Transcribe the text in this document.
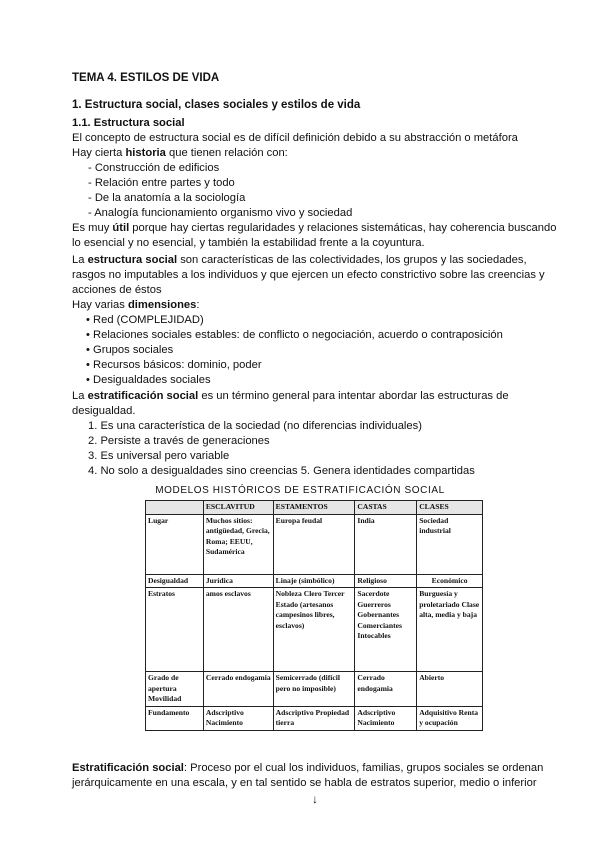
TEMA 4. ESTILOS DE VIDA
1. Estructura social, clases sociales y estilos de vida
1.1. Estructura social
El concepto de estructura social es de difícil definición debido a su abstracción o metáfora
Hay cierta historia que tienen relación con:
- Construcción de edificios
- Relación entre partes y todo
- De la anatomía a la sociología
- Analogía funcionamiento organismo vivo y sociedad
Es muy útil porque hay ciertas regularidades y relaciones sistemáticas, hay coherencia buscando
lo esencial y no esencial, y también la estabilidad frente a la coyuntura.
La estructura social son características de las colectividades, los grupos y las sociedades,
rasgos no imputables a los individuos y que ejercen un efecto constrictivo sobre las creencias y
acciones de éstos
Hay varias dimensiones:
• Red (COMPLEJIDAD)
• Relaciones sociales estables: de conflicto o negociación, acuerdo o contraposición
• Grupos sociales
• Recursos básicos: dominio, poder
• Desigualdades sociales
La estratificación social es un término general para intentar abordar las estructuras de
desigualdad.
1. Es una característica de la sociedad (no diferencias individuales)
2. Persiste a través de generaciones
3. Es universal pero variable
4. No solo a desigualdades sino creencias 5. Genera identidades compartidas
MODELOS HISTÓRICOS DE ESTRATIFICACIÓN SOCIAL
	ESCLAVITUD	ESTAMENTOS	CASTAS	CLASES
Lugar	Muchos sitios: antigüedad, Grecia, Roma; EEUU, Sudamérica	Europa feudal	India	Sociedad industrial
Desigualdad	Jurídica	Linaje (simbólico)	Religioso	Económico
Estratos	amos esclavos	Nobleza Clero Tercer Estado (artesanos campesinos libres, esclavos)	Sacerdote Guerreros Gobernantes Comerciantes Intocables	Burguesía y proletariado Clase alta, media y baja
Grado de apertura Movilidad	Cerrado endogamia	Semicerrado (difícil pero no imposible)	Cerrado endogamia	Abierto
Fundamento	Adscriptivo Nacimiento	Adscriptivo Propiedad tierra	Adscriptivo Nacimiento	Adquisitivo Renta y ocupación
Estratificación social: Proceso por el cual los individuos, familias, grupos sociales se ordenan
jerárquicamente en una escala, y en tal sentido se habla de estratos superior, medio o inferior
↓
